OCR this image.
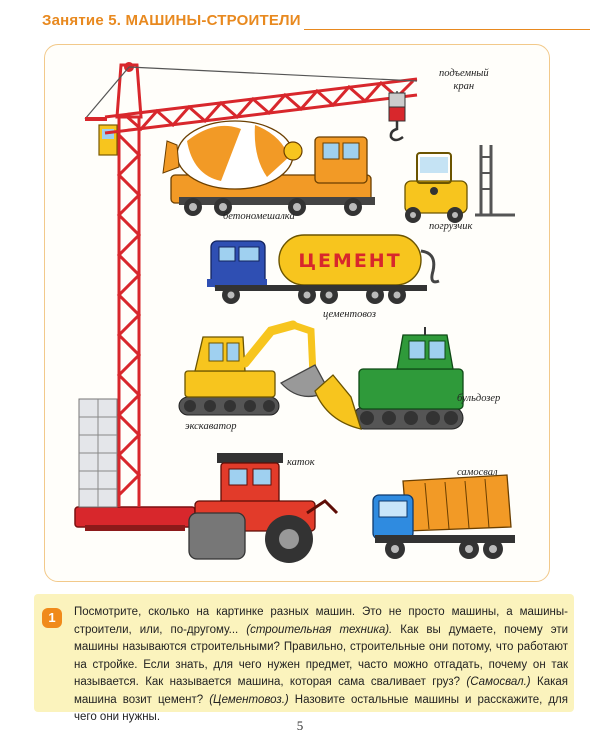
Занятие 5. МАШИНЫ-СТРОИТЕЛИ
ЦЕМЕНТ
подъемный
кран
бетономешалка
погрузчик
цементовоз
бульдозер
экскаватор
каток
самосвал
1	Посмотрите, сколько на картинке разных машин. Это не просто машины, а машины-строители, или, по-другому... (строительная техника). Как вы думаете, почему эти машины называются строительными? Правильно, строительные они потому, что работают на стройке. Если знать, для чего нужен предмет, часто можно отгадать, почему он так называется. Как называется машина, которая сама сваливает груз? (Самосвал.) Какая машина возит цемент? (Цементовоз.) Назовите остальные машины и расскажите, для чего они нужны.
5
